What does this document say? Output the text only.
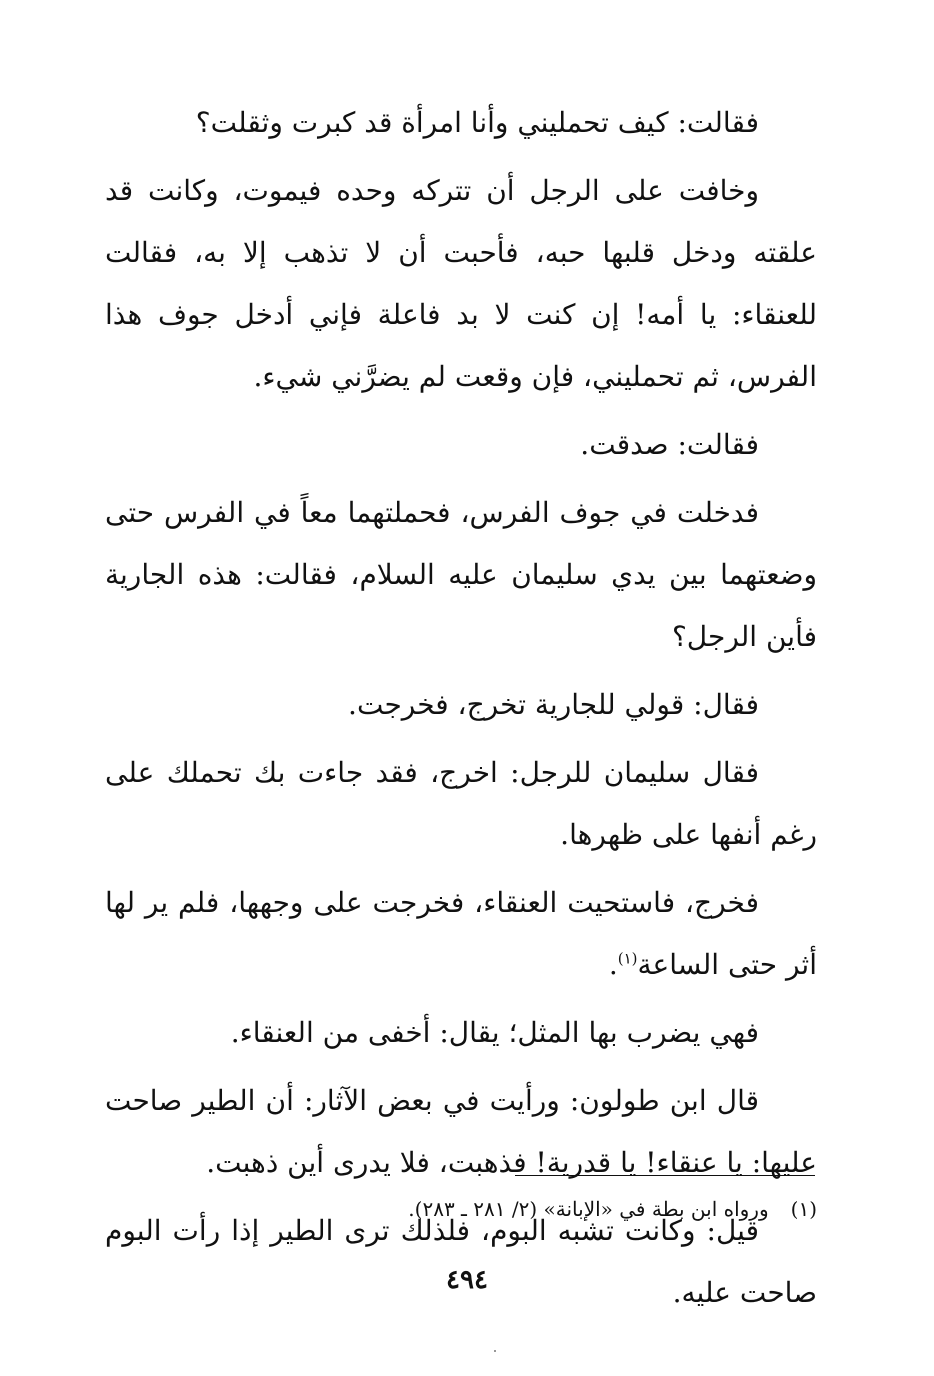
فقالت: كيف تحمليني وأنا امرأة قد كبرت وثقلت؟

وخافت على الرجل أن تتركه وحده فيموت، وكانت قد علقته ودخل قلبها حبه، فأحبت أن لا تذهب إلا به، فقالت للعنقاء: يا أمه! إن كنت لا بد فاعلة فإني أدخل جوف هذا الفرس، ثم تحمليني، فإن وقعت لم يضرَّني شيء.

فقالت: صدقت.

فدخلت في جوف الفرس، فحملتهما معاً في الفرس حتى وضعتهما بين يدي سليمان عليه السلام، فقالت: هذه الجارية فأين الرجل؟

فقال: قولي للجارية تخرج، فخرجت.

فقال سليمان للرجل: اخرج، فقد جاءت بك تحملك على رغم أنفها على ظهرها.

فخرج، فاستحيت العنقاء، فخرجت على وجهها، فلم ير لها أثر حتى الساعة$^{(١)}$.

فهي يضرب بها المثل؛ يقال: أخفى من العنقاء.

قال ابن طولون: ورأيت في بعض الآثار: أن الطير صاحت عليها: يا عنقاء! يا قدرية! فذهبت، فلا يدرى أين ذهبت.

قيل: وكانت تشبه البوم، فلذلك ترى الطير إذا رأت البوم صاحت عليه.

(١)ورواه ابن بطة في «الإبانة» (٢/ ٢٨١ ـ ٢٨٣).
٤٩٤
